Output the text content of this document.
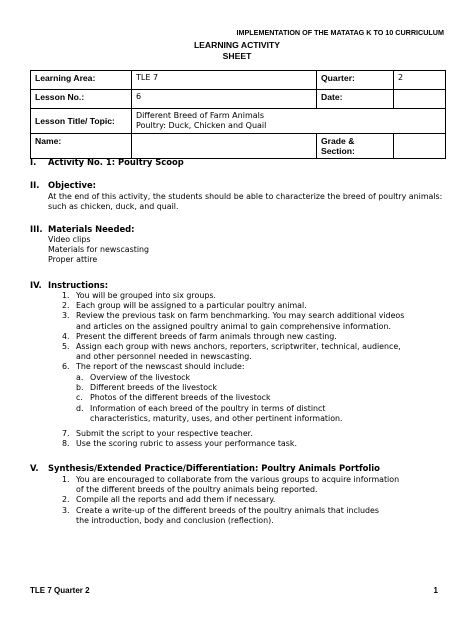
IMPLEMENTATION OF THE MATATAG K TO 10 CURRICULUM
LEARNING ACTIVITY
SHEET
Learning Area:	TLE 7	Quarter:	2
Lesson No.:	6	Date:	
Lesson Title/ Topic:	Different Breed of Farm Animals
Poultry: Duck, Chicken and Quail		

Name:		Grade &
Section:	

I. Activity No. 1: Poultry Scoop
II. Objective:
At the end of this activity, the students should be able to characterize the breed of poultry animals:
such as chicken, duck, and quail.
III. Materials Needed:
Video clips
Materials for newscasting
Proper attire
IV. Instructions:
1. You will be grouped into six groups.
2. Each group will be assigned to a particular poultry animal.
3. Review the previous task on farm benchmarking. You may search additional videos
and articles on the assigned poultry animal to gain comprehensive information.
4. Present the different breeds of farm animals through new casting.
5. Assign each group with news anchors, reporters, scriptwriter, technical, audience,
and other personnel needed in newscasting.
6. The report of the newscast should include:
a. Overview of the livestock
b. Different breeds of the livestock
c. Photos of the different breeds of the livestock
d. Information of each breed of the poultry in terms of distinct
characteristics, maturity, uses, and other pertinent information.
7. Submit the script to your respective teacher.
8. Use the scoring rubric to assess your performance task.
V. Synthesis/Extended Practice/Differentiation: Poultry Animals Portfolio
1. You are encouraged to collaborate from the various groups to acquire information
of the different breeds of the poultry animals being reported.
2. Compile all the reports and add them if necessary.
3. Create a write-up of the different breeds of the poultry animals that includes
the introduction, body and conclusion (reflection).
TLE 7 Quarter 2	1
